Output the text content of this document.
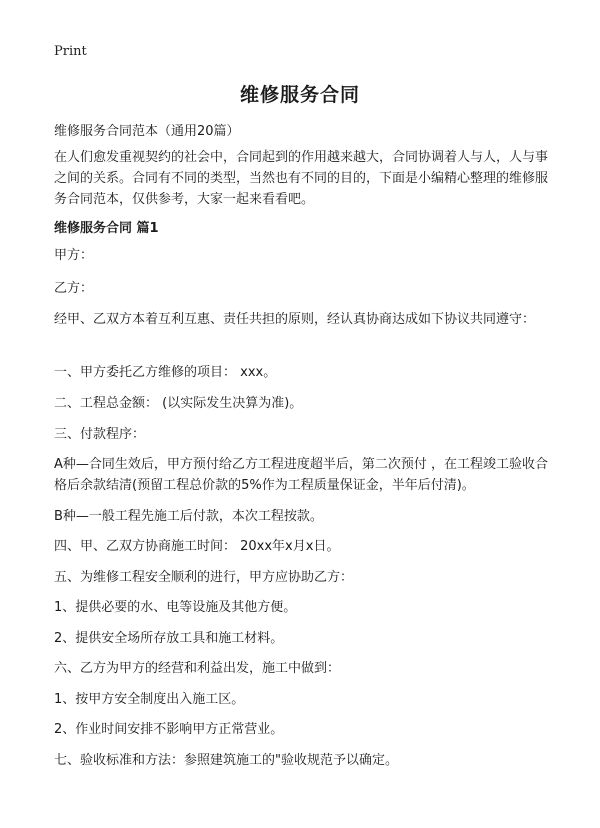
Print
维修服务合同

维修服务合同范本（通用20篇）

在人们愈发重视契约的社会中，合同起到的作用越来越大，合同协调着人与人，人与事之间的关系。合同有不同的类型，当然也有不同的目的，下面是小编精心整理的维修服务合同范本，仅供参考，大家一起来看看吧。

维修服务合同 篇1

甲方：

乙方：

经甲、乙双方本着互利互惠、责任共担的原则，经认真协商达成如下协议共同遵守：

一、甲方委托乙方维修的项目： xxx。

二、工程总金额： (以实际发生决算为准)。

三、付款程序：

A种—合同生效后，甲方预付给乙方工程进度超半后，第二次预付 ，在工程竣工验收合格后余款结清(预留工程总价款的5%作为工程质量保证金，半年后付清)。

B种—一般工程先施工后付款，本次工程按款。

四、甲、乙双方协商施工时间： 20xx年x月x日。

五、为维修工程安全顺利的进行，甲方应协助乙方：

1、提供必要的水、电等设施及其他方便。

2、提供安全场所存放工具和施工材料。

六、乙方为甲方的经营和利益出发，施工中做到：

1、按甲方安全制度出入施工区。

2、作业时间安排不影响甲方正常营业。

七、验收标准和方法：参照建筑施工的"验收规范予以确定。
